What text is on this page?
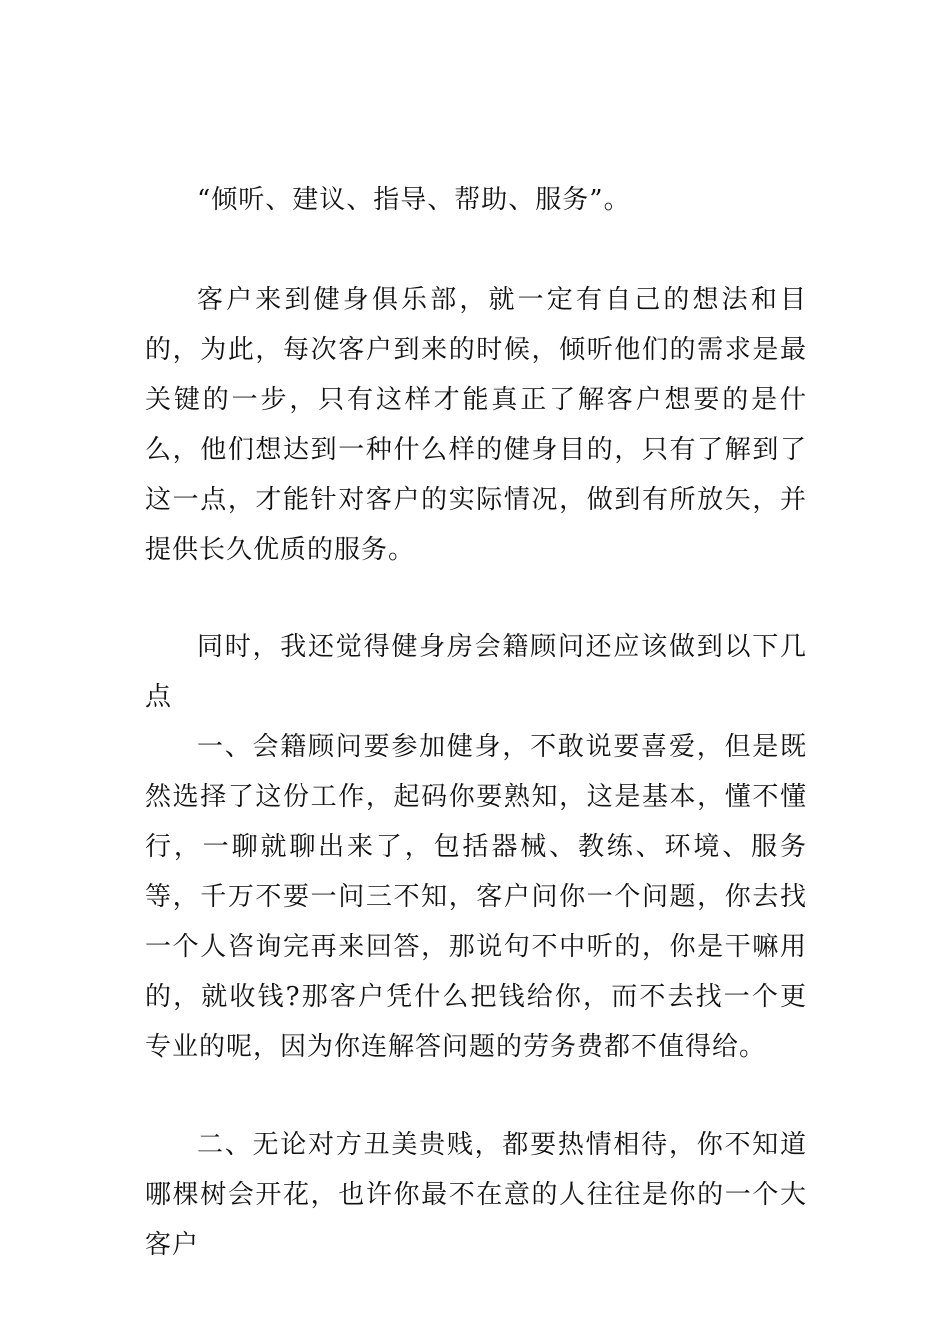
“倾听、建议、指导、帮助、服务”。

客户来到健身俱乐部，就一定有自己的想法和目的，为此，每次客户到来的时候，倾听他们的需求是最关键的一步，只有这样才能真正了解客户想要的是什么，他们想达到一种什么样的健身目的，只有了解到了这一点，才能针对客户的实际情况，做到有所放矢，并提供长久优质的服务。

同时，我还觉得健身房会籍顾问还应该做到以下几点

一、会籍顾问要参加健身，不敢说要喜爱，但是既然选择了这份工作，起码你要熟知，这是基本，懂不懂行，一聊就聊出来了，包括器械、教练、环境、服务等，千万不要一问三不知，客户问你一个问题，你去找一个人咨询完再来回答，那说句不中听的，你是干嘛用的，就收钱?那客户凭什么把钱给你，而不去找一个更专业的呢，因为你连解答问题的劳务费都不值得给。

二、无论对方丑美贵贱，都要热情相待，你不知道哪棵树会开花，也许你最不在意的人往往是你的一个大客户
